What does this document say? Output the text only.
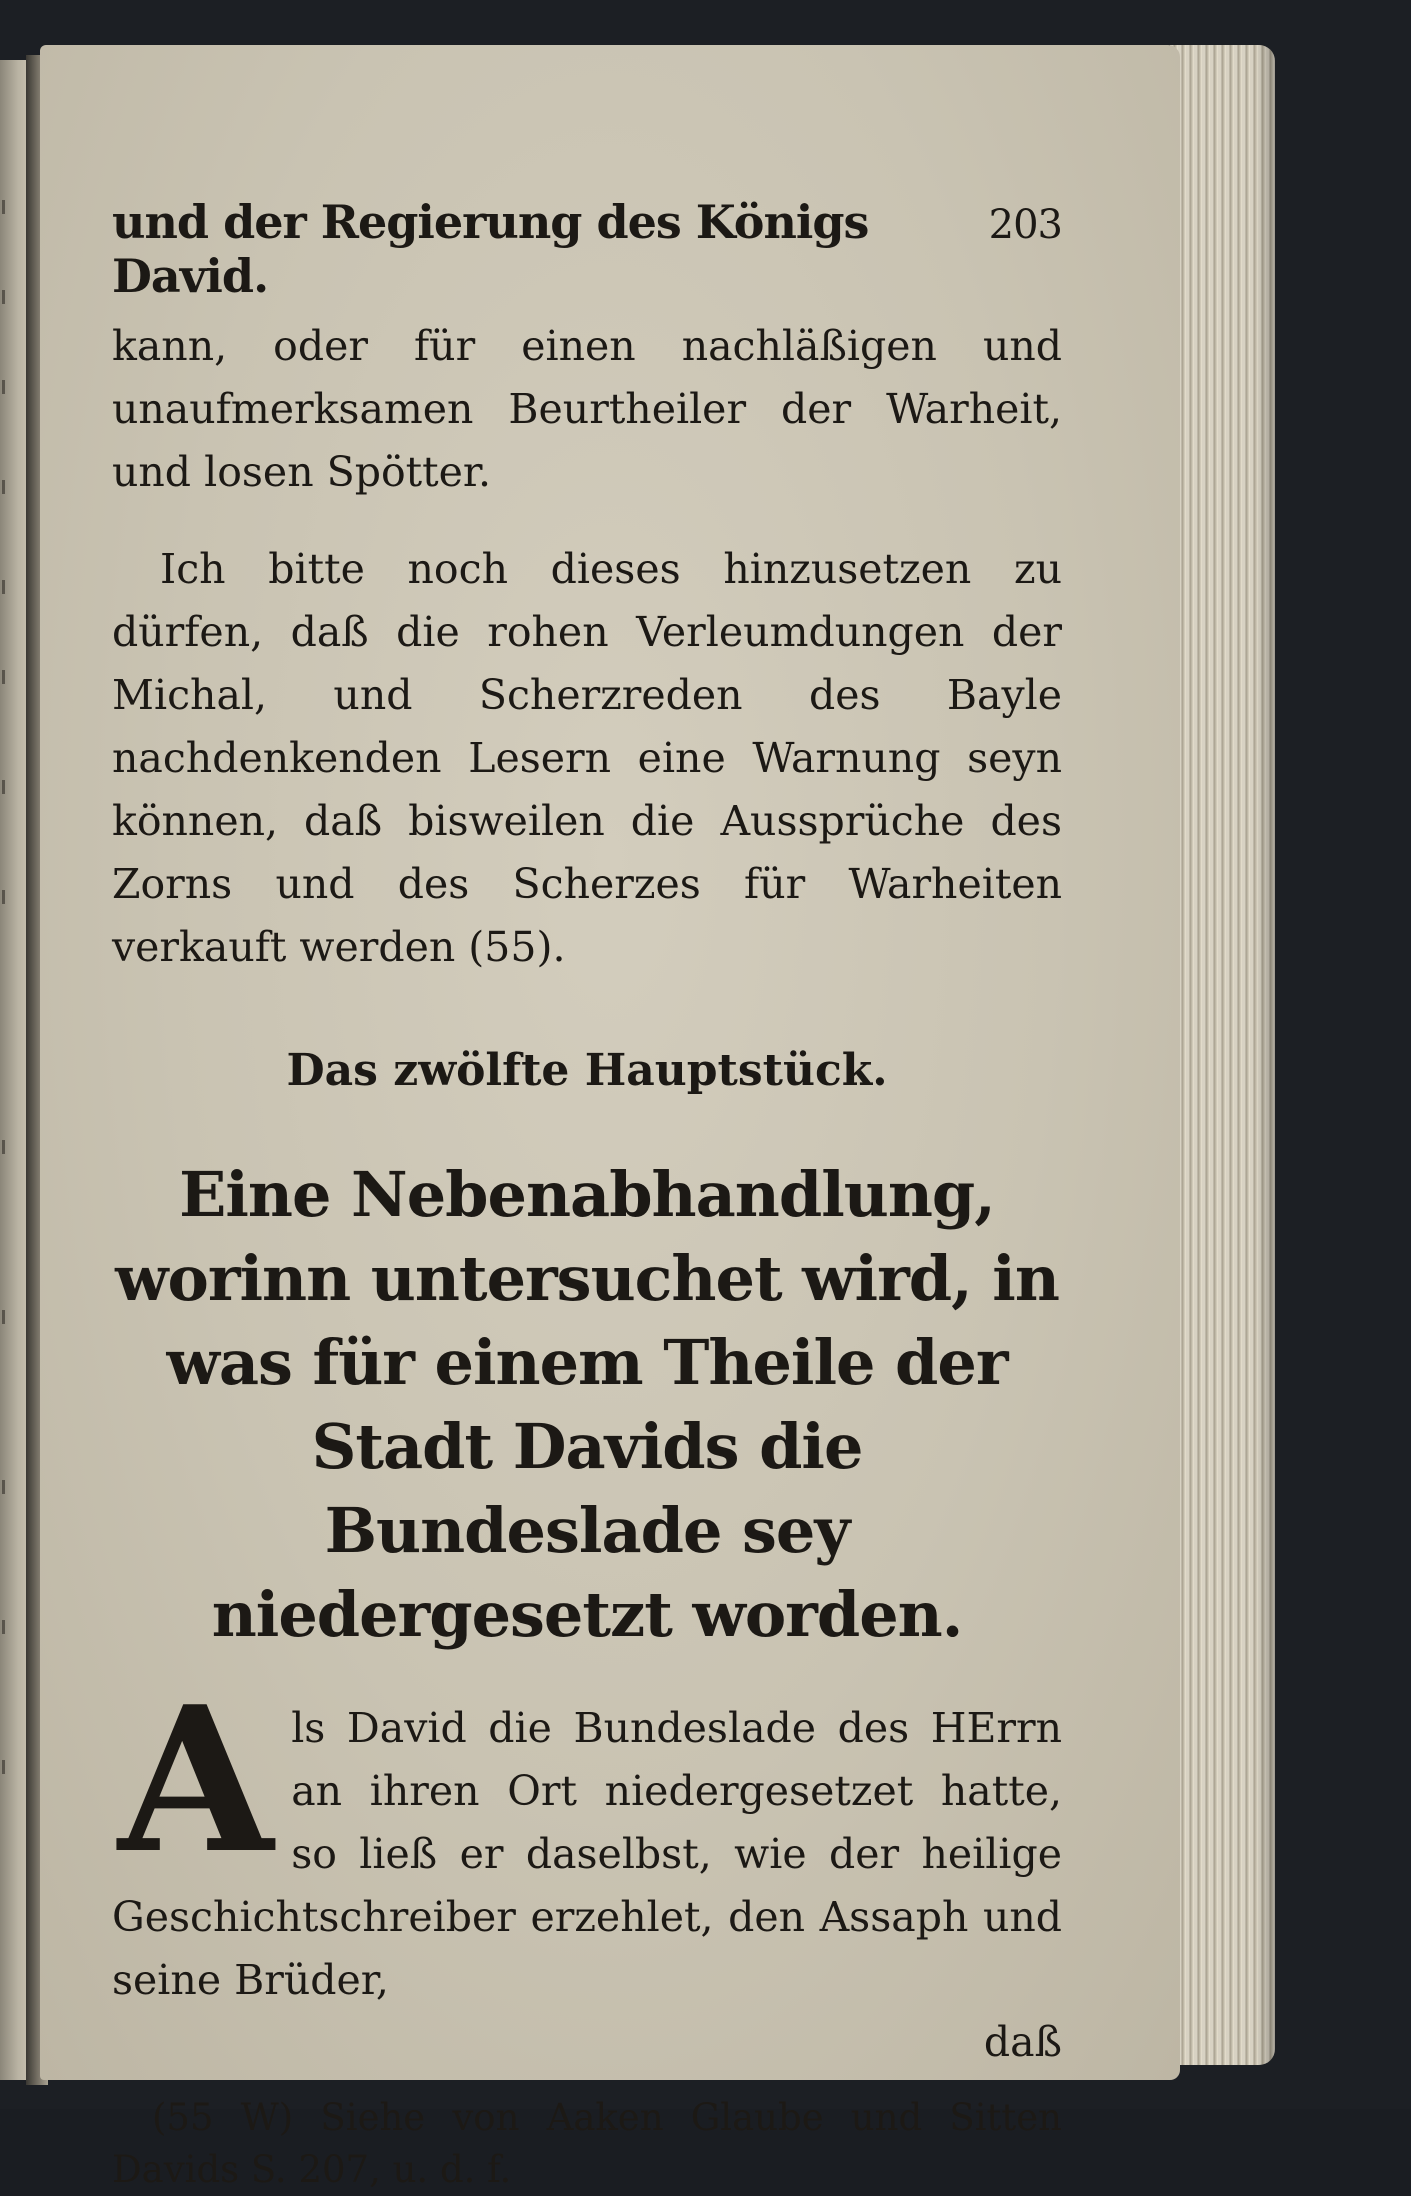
und der Regierung des Königs David.
203

kann, oder für einen nachläßigen und unaufmerksamen Beurtheiler der Warheit, und losen Spötter.

Ich bitte noch dieses hinzusetzen zu dürfen, daß die rohen Verleumdungen der Michal, und Scherzreden des Bayle nachdenkenden Lesern eine Warnung seyn können, daß bisweilen die Aussprüche des Zorns und des Scherzes für Warheiten verkauft werden (55).

Das zwölfte Hauptstück.
Eine Nebenabhandlung, worinn untersuchet wird, in was für einem Theile der Stadt Davids die Bundeslade sey niedergesetzt worden.
A ls David die Bundeslade des HErrn an ihren Ort niedergesetzet hatte, so ließ er daselbst, wie der heilige Geschichtschreiber erzehlet, den Assaph und seine Brüder,
daß
(55 W) Siehe von Aaken Glaube und Sitten Davids S. 207, u. d. f.
